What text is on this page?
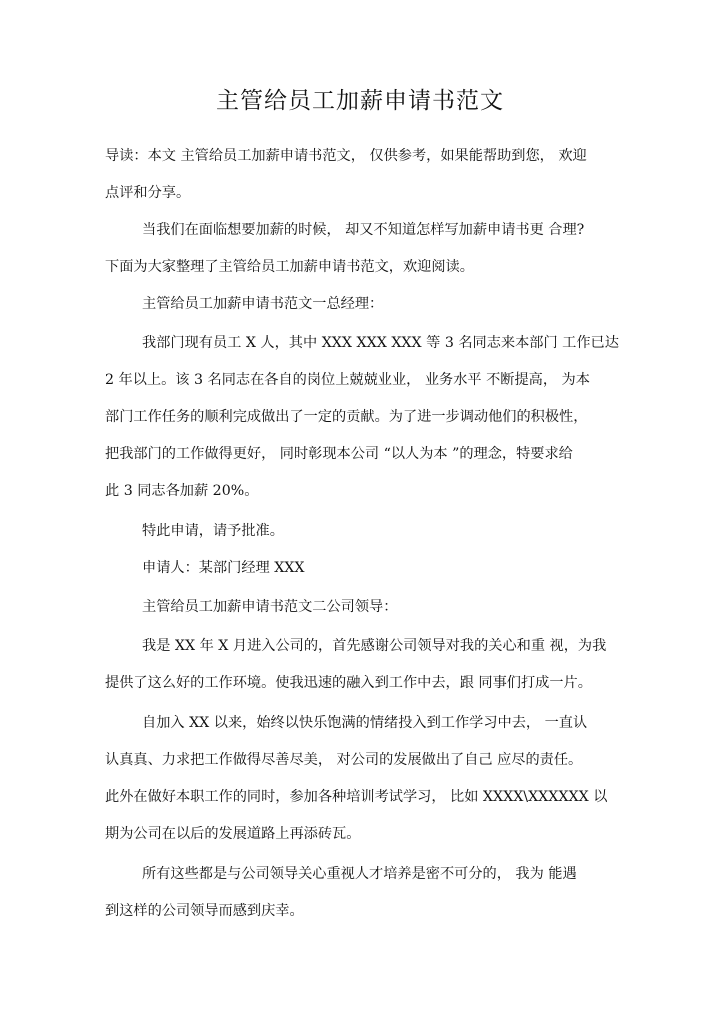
主管给员工加薪申请书范文
导读：本文 主管给员工加薪申请书范文， 仅供参考，如果能帮助到您， 欢迎
点评和分享。
当我们在面临想要加薪的时候， 却又不知道怎样写加薪申请书更 合理?
下面为大家整理了主管给员工加薪申请书范文，欢迎阅读。
主管给员工加薪申请书范文一总经理：
我部门现有员工 X 人，其中 XXX XXX XXX 等 3 名同志来本部门 工作已达
2 年以上。该 3 名同志在各自的岗位上兢兢业业， 业务水平 不断提高， 为本
部门工作任务的顺利完成做出了一定的贡献。为了进一步调动他们的积极性，
把我部门的工作做得更好， 同时彰现本公司 “以人为本 ”的理念，特要求给
此 3 同志各加薪 20%。
特此申请，请予批准。
申请人：某部门经理 XXX
主管给员工加薪申请书范文二公司领导：
我是 XX 年 X 月进入公司的，首先感谢公司领导对我的关心和重 视，为我
提供了这么好的工作环境。使我迅速的融入到工作中去，跟 同事们打成一片。
自加入 XX 以来，始终以快乐饱满的情绪投入到工作学习中去， 一直认
认真真、力求把工作做得尽善尽美， 对公司的发展做出了自己 应尽的责任。
此外在做好本职工作的同时，参加各种培训考试学习， 比如 XXXX\XXXXXX 以
期为公司在以后的发展道路上再添砖瓦。
所有这些都是与公司领导关心重视人才培养是密不可分的， 我为 能遇
到这样的公司领导而感到庆幸。
